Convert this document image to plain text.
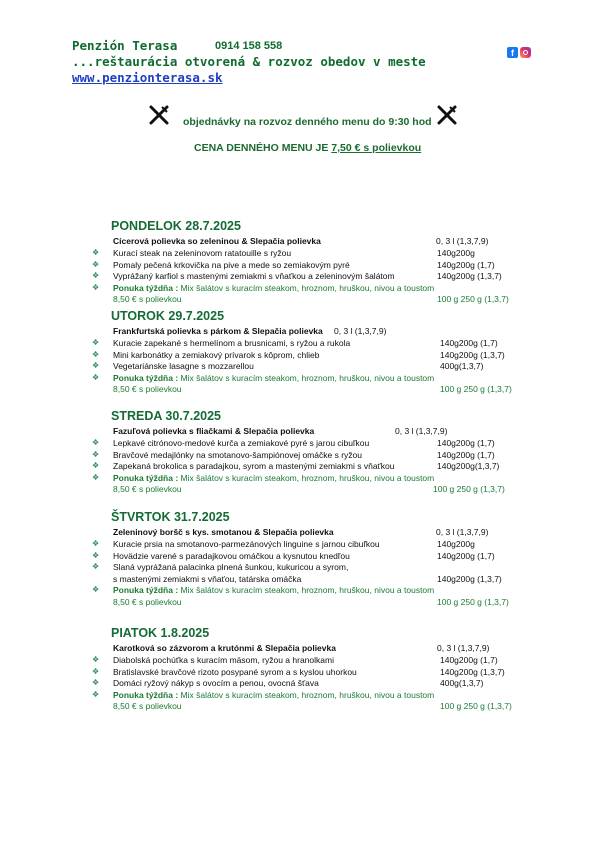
Penzión Terasa	0914 158 558
...reštaurácia otvorená & rozvoz obedov v meste
www.penzionterasa.sk
f
objednávky na rozvoz denného menu do 9:30 hod
CENA DENNÉHO MENU JE 7,50 € s polievkou
PONDELOK 28.7.2025
Cícerová polievka so zeleninou & Slepačia polievka	0, 3 l (1,3,7,9)
❖ Kurací steak na zeleninovom ratatouille s ryžou	140g200g
❖ Pomaly pečená krkovička na pive a mede so zemiakovým pyré	140g200g (1,7)
❖ Vyprážaný karfiol s mastenými zemiakmi s vňaťkou a zeleninovým šalátom	140g200g (1,3,7)
❖ Ponuka týždňa : Mix šalátov s kuracím steakom, hroznom, hruškou, nivou a toustom
8,50 € s polievkou	100 g 250 g (1,3,7)
UTOROK 29.7.2025
Frankfurtská polievka s párkom & Slepačia polievka 0, 3 l (1,3,7,9)
❖ Kuracie zapekané s hermelínom a brusnicami, s ryžou a rukola	140g200g (1,7)
❖ Mini karbonátky a zemiakový prívarok s kôprom, chlieb	140g200g (1,3,7)
❖ Vegetariánske lasagne s mozzarellou	400g(1,3,7)
❖ Ponuka týždňa : Mix šalátov s kuracím steakom, hroznom, hruškou, nivou a toustom
8,50 € s polievkou	100 g 250 g (1,3,7)
STREDA 30.7.2025
Fazuľová polievka s fliačkami & Slepačia polievka	0, 3 l (1,3,7,9)
❖ Lepkavé citrónovo-medové kurča a zemiakové pyré s jarou cibuľkou	140g200g (1,7)
❖ Bravčové medajlónky na smotanovo-šampiónovej omáčke s ryžou	140g200g (1,7)
❖ Zapekaná brokolica s paradajkou, syrom a mastenými zemiakmi s vňaťkou	140g200g(1,3,7)
❖ Ponuka týždňa : Mix šalátov s kuracím steakom, hroznom, hruškou, nivou a toustom
8,50 € s polievkou	100 g 250 g (1,3,7)
ŠTVRTOK 31.7.2025
Zeleninový boršč s kys. smotanou & Slepačia polievka	0, 3 l (1,3,7,9)
❖ Kuracie prsia na smotanovo-parmezánových linguine s jarnou cibuľkou	140g200g
❖ Hovädzie varené s paradajkovou omáčkou a kysnutou knedľou	140g200g (1,7)
❖ Slaná vyprážaná palacinka plnená šunkou, kukuricou a syrom,
s mastenými zemiakmi s vňaťou, tatárska omáčka	140g200g (1,3,7)
❖ Ponuka týždňa : Mix šalátov s kuracím steakom, hroznom, hruškou, nivou a toustom
8,50 € s polievkou	100 g 250 g (1,3,7)
PIATOK 1.8.2025
Karotková so zázvorom a krutónmi & Slepačia polievka	0, 3 l (1,3,7,9)
❖ Diabolská pochúťka s kuracím mäsom, ryžou a hranolkami	140g200g (1,7)
❖ Bratislavské bravčové rizoto posypané syrom a s kyslou uhorkou	140g200g (1,3,7)
❖ Domáci ryžový nákyp s ovocím a penou, ovocná šťava	400g(1,3,7)
❖ Ponuka týždňa : Mix šalátov s kuracím steakom, hroznom, hruškou, nivou a toustom
8,50 € s polievkou	100 g 250 g (1,3,7)
